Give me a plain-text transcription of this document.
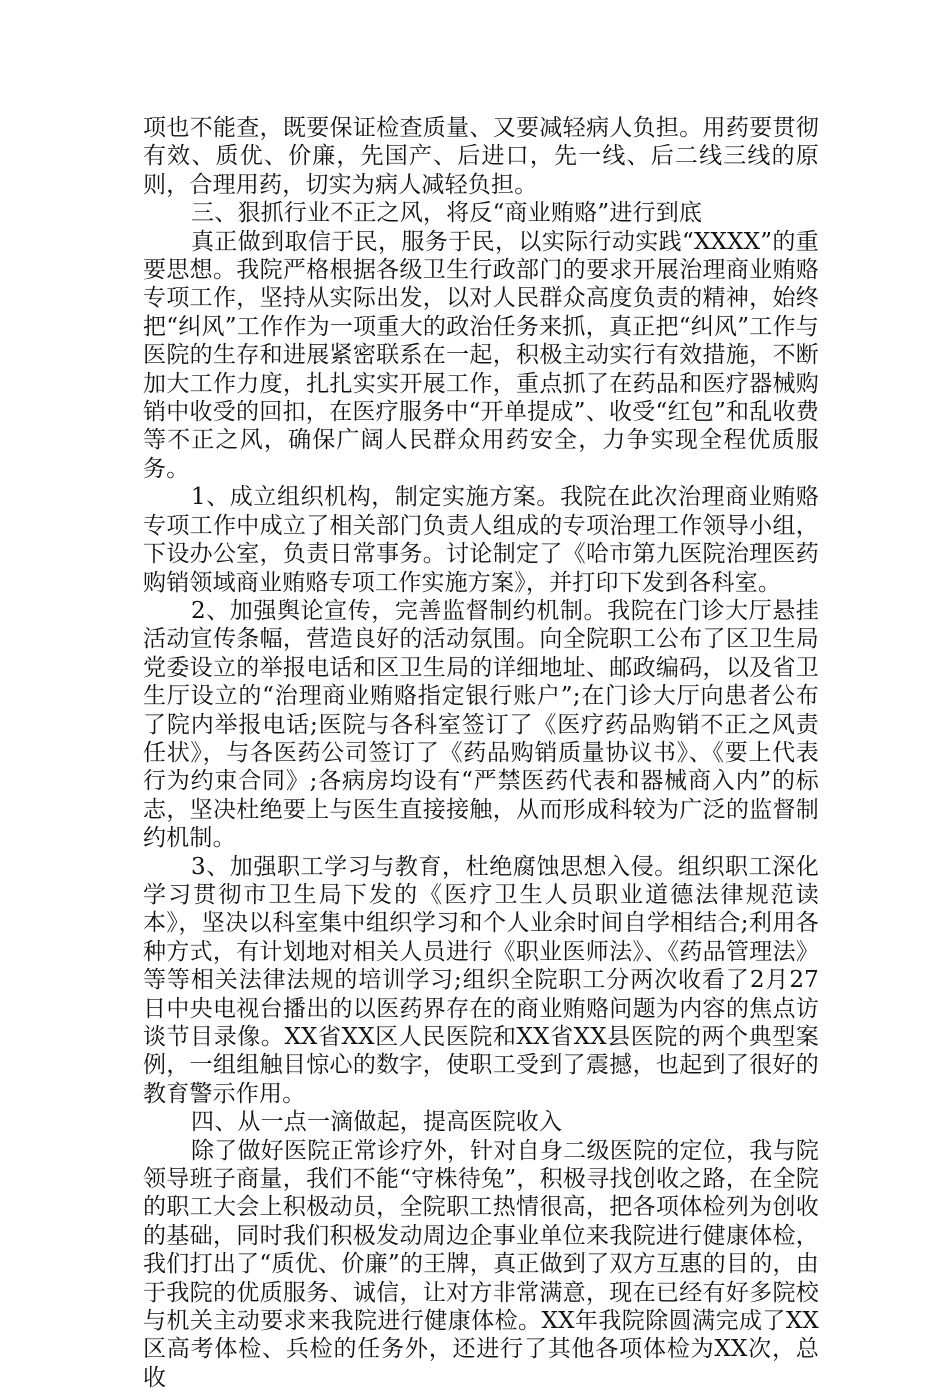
项也不能查，既要保证检查质量、又要减轻病人负担。用药要贯彻有效、质优、价廉，先国产、后进口，先一线、后二线三线的原则，合理用药，切实为病人减轻负担。

三、狠抓行业不正之风，将反“商业贿赂”进行到底

真正做到取信于民，服务于民，以实际行动实践“XXXX”的重要思想。我院严格根据各级卫生行政部门的要求开展治理商业贿赂专项工作，坚持从实际出发，以对人民群众高度负责的精神，始终把“纠风”工作作为一项重大的政治任务来抓，真正把“纠风”工作与医院的生存和进展紧密联系在一起，积极主动实行有效措施，不断加大工作力度，扎扎实实开展工作，重点抓了在药品和医疗器械购销中收受的回扣，在医疗服务中“开单提成”、收受“红包”和乱收费等不正之风，确保广阔人民群众用药安全，力争实现全程优质服务。

1、成立组织机构，制定实施方案。我院在此次治理商业贿赂专项工作中成立了相关部门负责人组成的专项治理工作领导小组，下设办公室，负责日常事务。讨论制定了《哈市第九医院治理医药购销领域商业贿赂专项工作实施方案》，并打印下发到各科室。

2、加强舆论宣传，完善监督制约机制。我院在门诊大厅悬挂活动宣传条幅，营造良好的活动氛围。向全院职工公布了区卫生局党委设立的举报电话和区卫生局的详细地址、邮政编码，以及省卫生厅设立的“治理商业贿赂指定银行账户”;在门诊大厅向患者公布了院内举报电话;医院与各科室签订了《医疗药品购销不正之风责任状》，与各医药公司签订了《药品购销质量协议书》、《要上代表行为约束合同》;各病房均设有“严禁医药代表和器械商入内”的标志，坚决杜绝要上与医生直接接触，从而形成科较为广泛的监督制约机制。

3、加强职工学习与教育，杜绝腐蚀思想入侵。组织职工深化学习贯彻市卫生局下发的《医疗卫生人员职业道德法律规范读本》，坚决以科室集中组织学习和个人业余时间自学相结合;利用各种方式，有计划地对相关人员进行《职业医师法》、《药品管理法》等等相关法律法规的培训学习;组织全院职工分两次收看了2月27日中央电视台播出的以医药界存在的商业贿赂问题为内容的焦点访谈节目录像。XX省XX区人民医院和XX省XX县医院的两个典型案例，一组组触目惊心的数字，使职工受到了震撼，也起到了很好的教育警示作用。

四、从一点一滴做起，提高医院收入

除了做好医院正常诊疗外，针对自身二级医院的定位，我与院领导班子商量，我们不能“守株待兔”，积极寻找创收之路，在全院的职工大会上积极动员，全院职工热情很高，把各项体检列为创收的基础，同时我们积极发动周边企事业单位来我院进行健康体检，我们打出了“质优、价廉”的王牌，真正做到了双方互惠的目的，由于我院的优质服务、诚信，让对方非常满意，现在已经有好多院校与机关主动要求来我院进行健康体检。XX年我院除圆满完成了XX区高考体检、兵检的任务外，还进行了其他各项体检为XX次，总收
